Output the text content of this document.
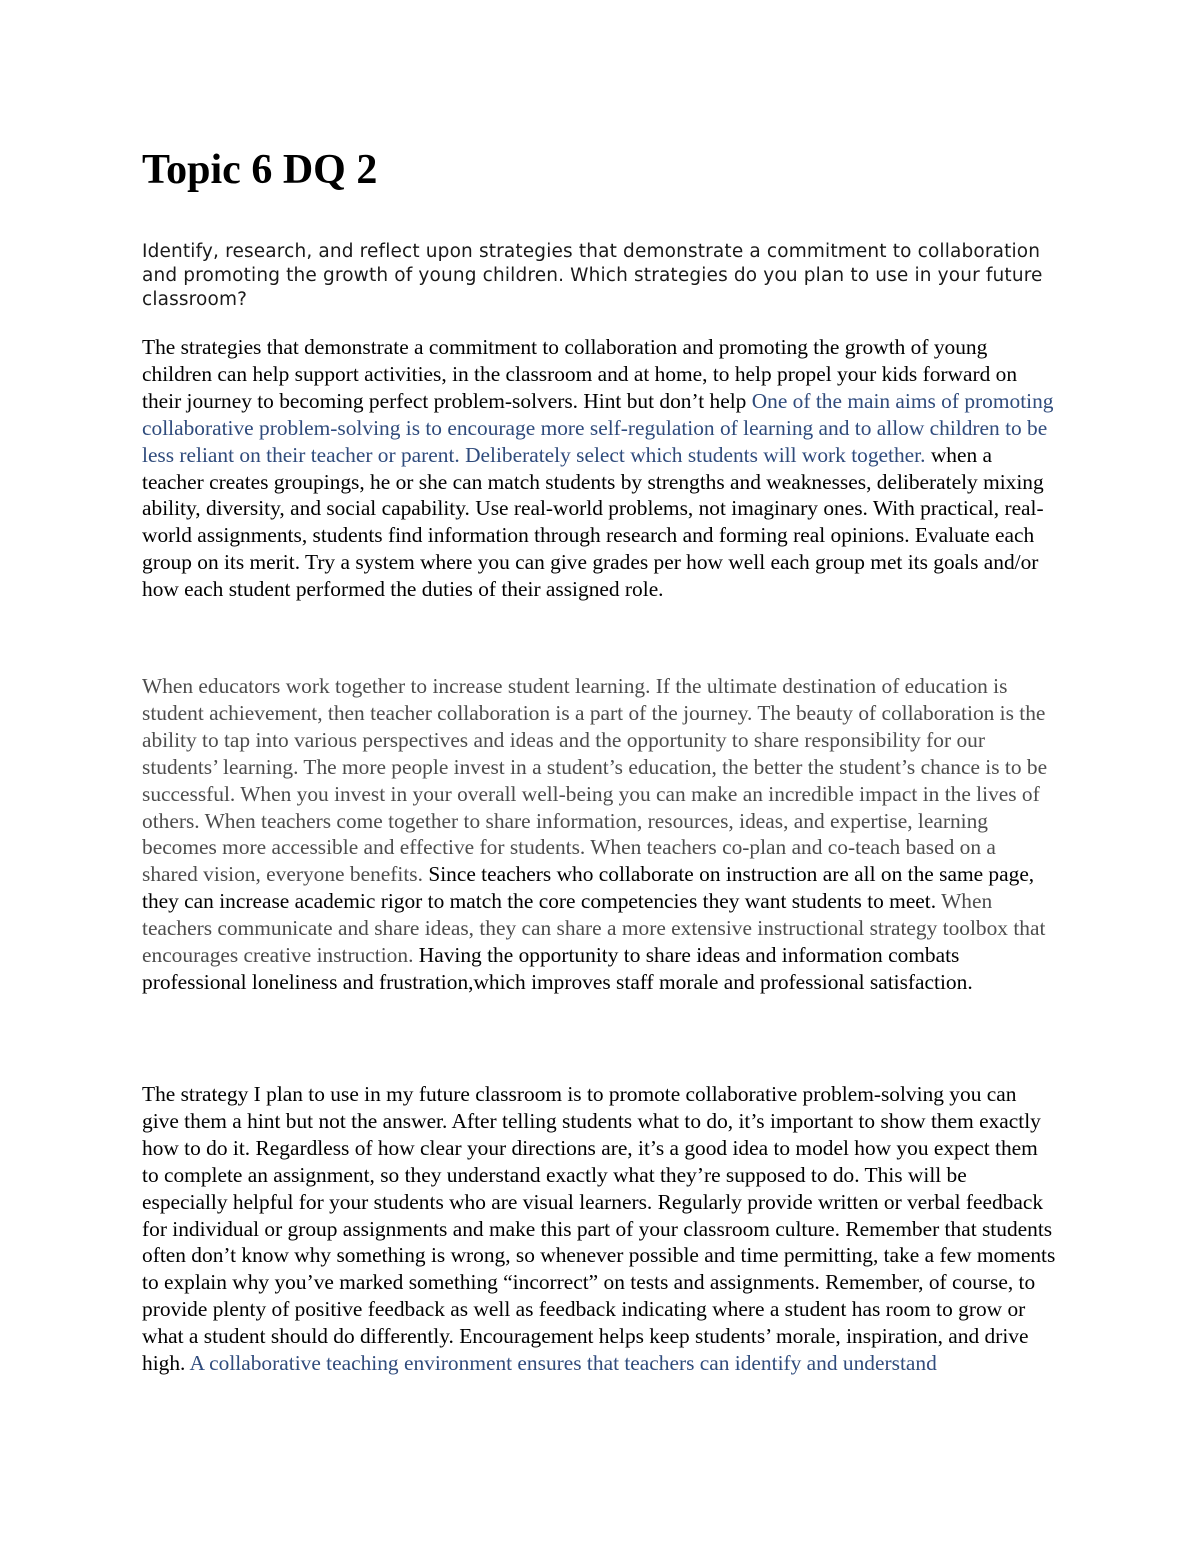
Topic 6 DQ 2

Identify, research, and reflect upon strategies that demonstrate a commitment to collaboration and promoting the growth of young children. Which strategies do you plan to use in your future classroom?

The strategies that demonstrate a commitment to collaboration and promoting the growth of young children can help support activities, in the classroom and at home, to help propel your kids forward on their journey to becoming perfect problem-solvers. Hint but don’t help One of the main aims of promoting collaborative problem-solving is to encourage more self-regulation of learning and to allow children to be less reliant on their teacher or parent. Deliberately select which students will work together. when a teacher creates groupings, he or she can match students by strengths and weaknesses, deliberately mixing ability, diversity, and social capability. Use real-world problems, not imaginary ones. With practical, real-world assignments, students find information through research and forming real opinions. Evaluate each group on its merit. Try a system where you can give grades per how well each group met its goals and/or how each student performed the duties of their assigned role.

When educators work together to increase student learning. If the ultimate destination of education is student achievement, then teacher collaboration is a part of the journey. The beauty of collaboration is the ability to tap into various perspectives and ideas and the opportunity to share responsibility for our students’ learning. The more people invest in a student’s education, the better the student’s chance is to be successful. When you invest in your overall well-being you can make an incredible impact in the lives of others. When teachers come together to share information, resources, ideas, and expertise, learning becomes more accessible and effective for students. When teachers co-plan and co-teach based on a shared vision, everyone benefits. Since teachers who collaborate on instruction are all on the same page, they can increase academic rigor to match the core competencies they want students to meet. When teachers communicate and share ideas, they can share a more extensive instructional strategy toolbox that encourages creative instruction. Having the opportunity to share ideas and information combats professional loneliness and frustration,which improves staff morale and professional satisfaction.

The strategy I plan to use in my future classroom is to promote collaborative problem-solving you can give them a hint but not the answer. After telling students what to do, it’s important to show them exactly how to do it. Regardless of how clear your directions are, it’s a good idea to model how you expect them to complete an assignment, so they understand exactly what they’re supposed to do. This will be especially helpful for your students who are visual learners. Regularly provide written or verbal feedback for individual or group assignments and make this part of your classroom culture. Remember that students often don’t know why something is wrong, so whenever possible and time permitting, take a few moments to explain why you’ve marked something “incorrect” on tests and assignments. Remember, of course, to provide plenty of positive feedback as well as feedback indicating where a student has room to grow or what a student should do differently. Encouragement helps keep students’ morale, inspiration, and drive high. A collaborative teaching environment ensures that teachers can identify and understand
